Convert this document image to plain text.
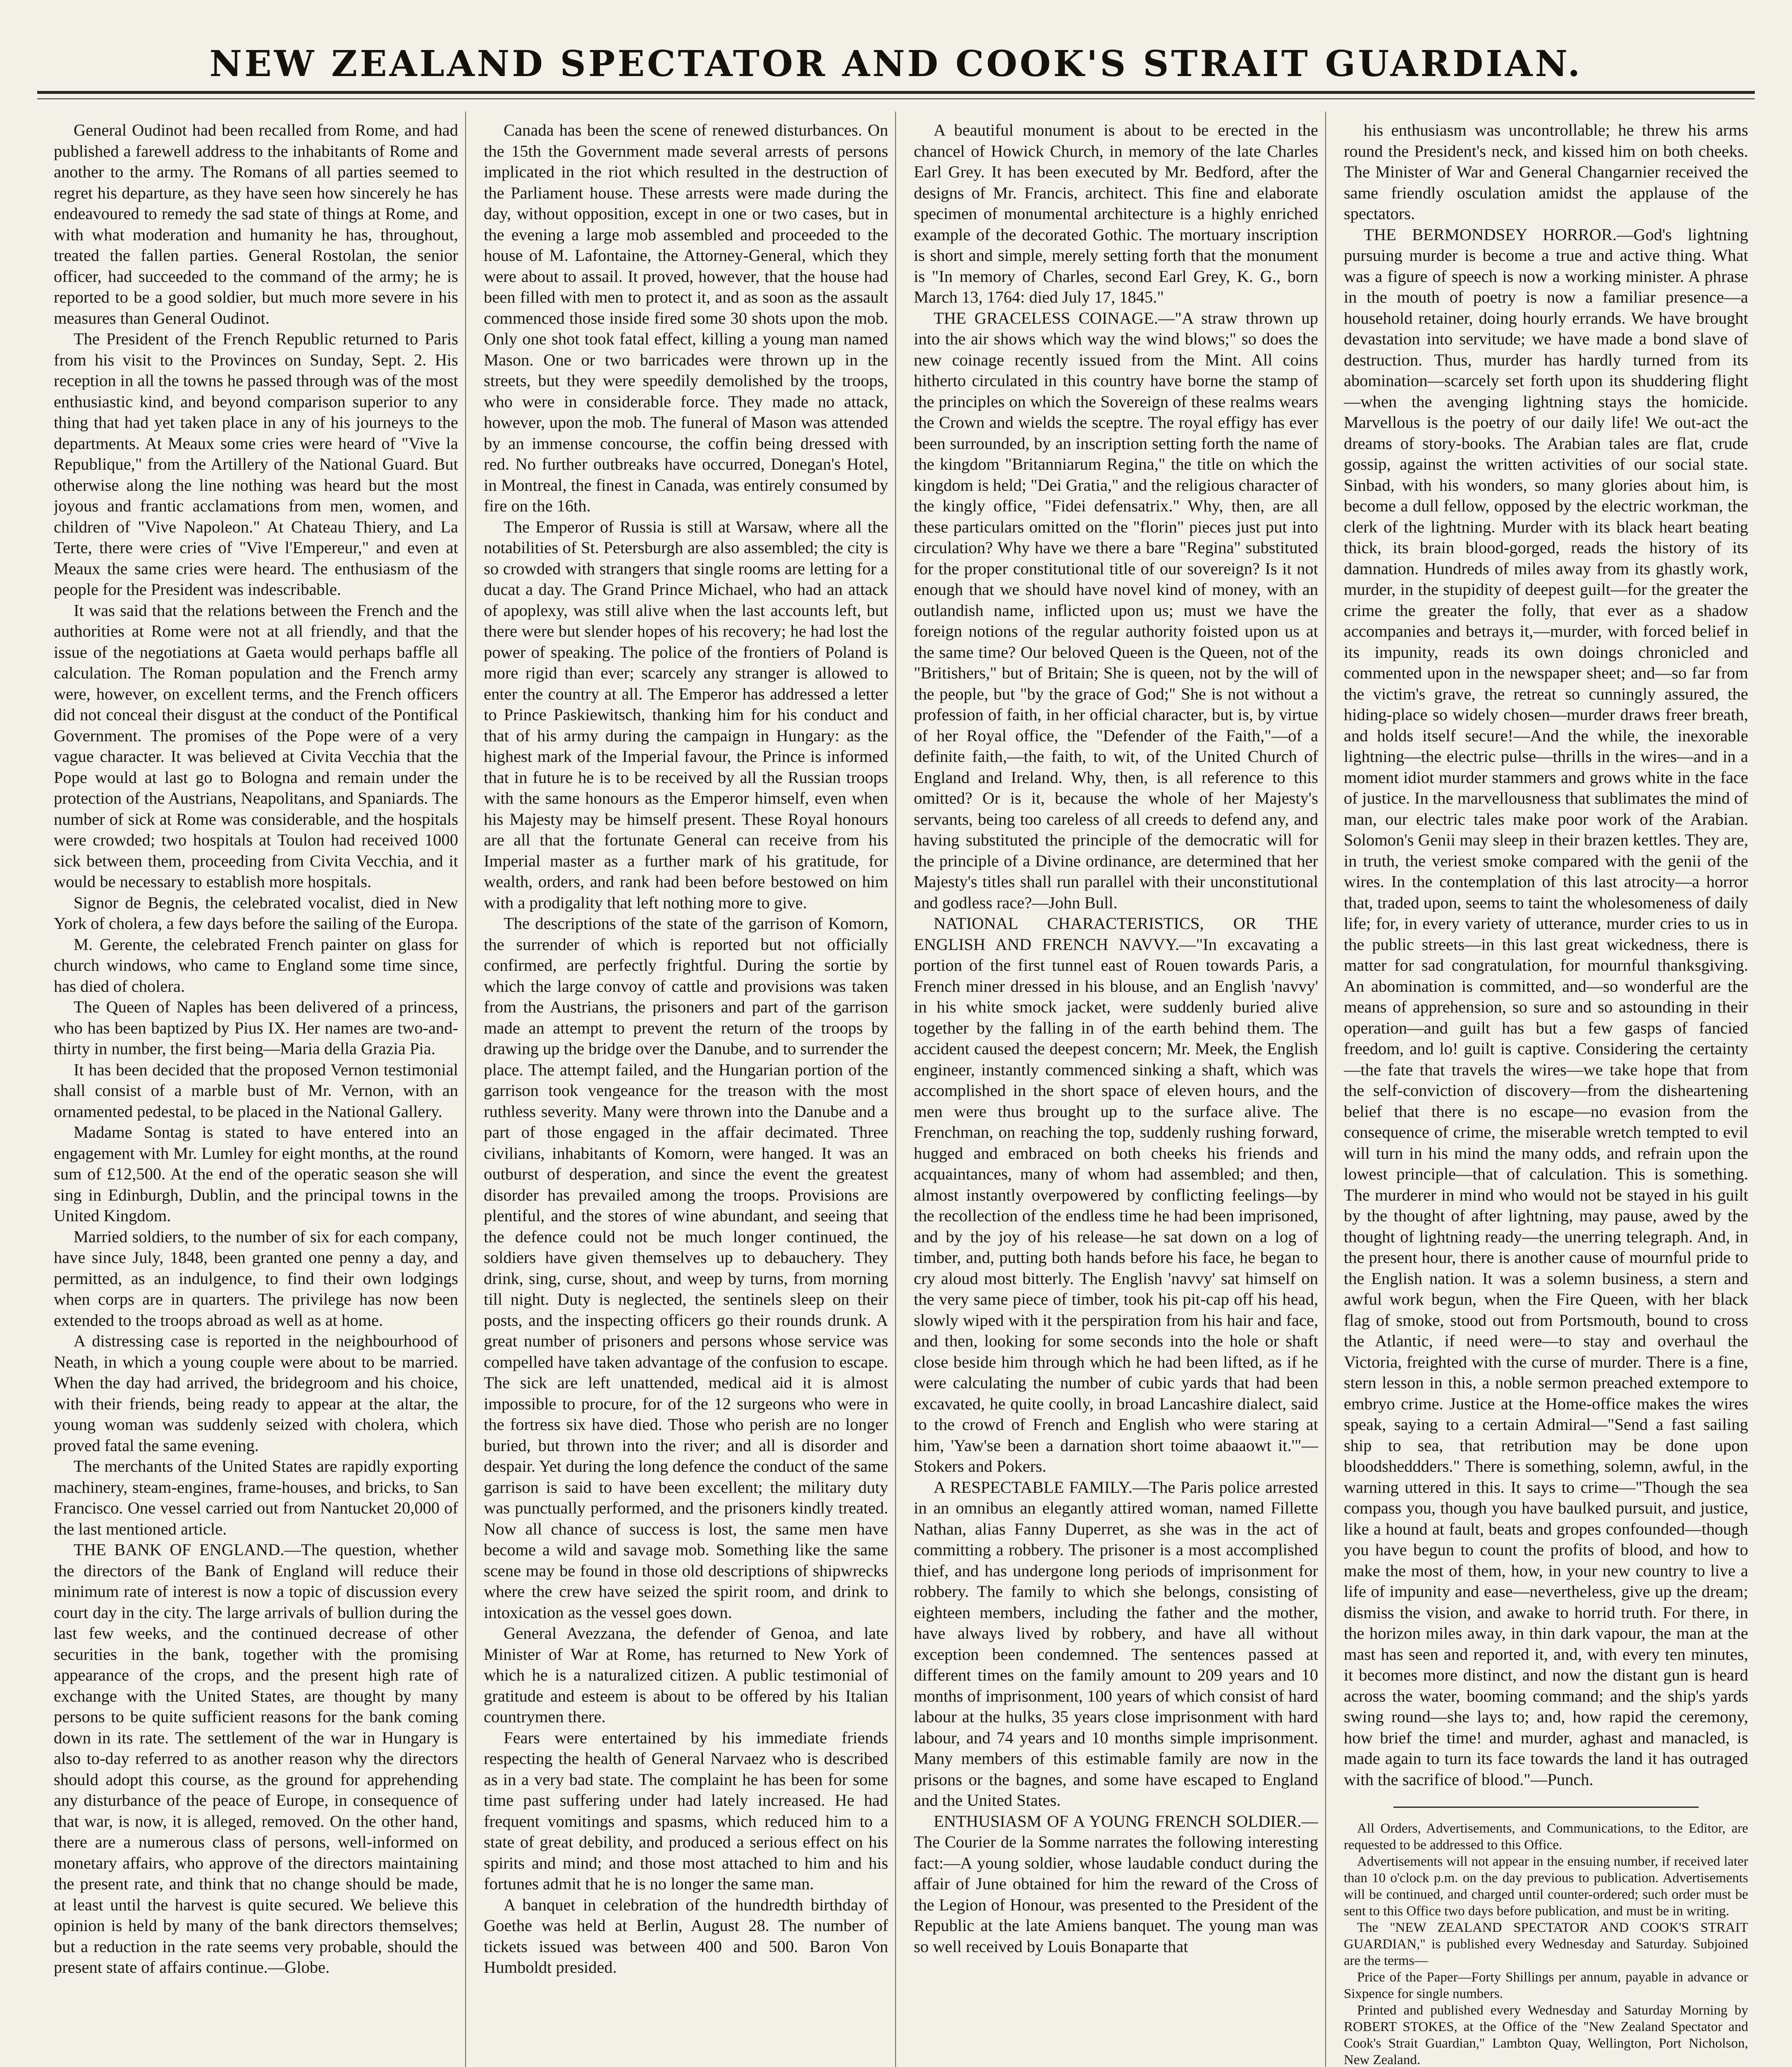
NEW ZEALAND SPECTATOR AND COOK'S STRAIT GUARDIAN.

General Oudinot had been recalled from Rome, and had published a farewell address to the inhabitants of Rome and another to the army. The Romans of all parties seemed to regret his departure, as they have seen how sincerely he has endeavoured to remedy the sad state of things at Rome, and with what moderation and humanity he has, throughout, treated the fallen parties. General Rostolan, the senior officer, had succeeded to the command of the army; he is reported to be a good soldier, but much more severe in his measures than General Oudinot.

The President of the French Republic returned to Paris from his visit to the Provinces on Sunday, Sept. 2. His reception in all the towns he passed through was of the most enthusiastic kind, and beyond comparison superior to any thing that had yet taken place in any of his journeys to the departments. At Meaux some cries were heard of "Vive la Republique," from the Artillery of the National Guard. But otherwise along the line nothing was heard but the most joyous and frantic acclamations from men, women, and children of "Vive Napoleon." At Chateau Thiery, and La Terte, there were cries of "Vive l'Empereur," and even at Meaux the same cries were heard. The enthusiasm of the people for the President was indescribable.

It was said that the relations between the French and the authorities at Rome were not at all friendly, and that the issue of the negotiations at Gaeta would perhaps baffle all calculation. The Roman population and the French army were, however, on excellent terms, and the French officers did not conceal their disgust at the conduct of the Pontifical Government. The promises of the Pope were of a very vague character. It was believed at Civita Vecchia that the Pope would at last go to Bologna and remain under the protection of the Austrians, Neapolitans, and Spaniards. The number of sick at Rome was considerable, and the hospitals were crowded; two hospitals at Toulon had received 1000 sick between them, proceeding from Civita Vecchia, and it would be necessary to establish more hospitals.

Signor de Begnis, the celebrated vocalist, died in New York of cholera, a few days before the sailing of the Europa.

M. Gerente, the celebrated French painter on glass for church windows, who came to England some time since, has died of cholera.

The Queen of Naples has been delivered of a princess, who has been baptized by Pius IX. Her names are two-and-thirty in number, the first being—Maria della Grazia Pia.

It has been decided that the proposed Vernon testimonial shall consist of a marble bust of Mr. Vernon, with an ornamented pedestal, to be placed in the National Gallery.

Madame Sontag is stated to have entered into an engagement with Mr. Lumley for eight months, at the round sum of £12,500. At the end of the operatic season she will sing in Edinburgh, Dublin, and the principal towns in the United Kingdom.

Married soldiers, to the number of six for each company, have since July, 1848, been granted one penny a day, and permitted, as an indulgence, to find their own lodgings when corps are in quarters. The privilege has now been extended to the troops abroad as well as at home.

A distressing case is reported in the neighbourhood of Neath, in which a young couple were about to be married. When the day had arrived, the bridegroom and his choice, with their friends, being ready to appear at the altar, the young woman was suddenly seized with cholera, which proved fatal the same evening.

The merchants of the United States are rapidly exporting machinery, steam-engines, frame-houses, and bricks, to San Francisco. One vessel carried out from Nantucket 20,000 of the last mentioned article.

THE BANK OF ENGLAND.—The question, whether the directors of the Bank of England will reduce their minimum rate of interest is now a topic of discussion every court day in the city. The large arrivals of bullion during the last few weeks, and the continued decrease of other securities in the bank, together with the promising appearance of the crops, and the present high rate of exchange with the United States, are thought by many persons to be quite sufficient reasons for the bank coming down in its rate. The settlement of the war in Hungary is also to-day referred to as another reason why the directors should adopt this course, as the ground for apprehending any disturbance of the peace of Europe, in consequence of that war, is now, it is alleged, removed. On the other hand, there are a numerous class of persons, well-informed on monetary affairs, who approve of the directors maintaining the present rate, and think that no change should be made, at least until the harvest is quite secured. We believe this opinion is held by many of the bank directors themselves; but a reduction in the rate seems very probable, should the present state of affairs continue.—Globe.

Canada has been the scene of renewed disturbances. On the 15th the Government made several arrests of persons implicated in the riot which resulted in the destruction of the Parliament house. These arrests were made during the day, without opposition, except in one or two cases, but in the evening a large mob assembled and proceeded to the house of M. Lafontaine, the Attorney-General, which they were about to assail. It proved, however, that the house had been filled with men to protect it, and as soon as the assault commenced those inside fired some 30 shots upon the mob. Only one shot took fatal effect, killing a young man named Mason. One or two barricades were thrown up in the streets, but they were speedily demolished by the troops, who were in considerable force. They made no attack, however, upon the mob. The funeral of Mason was attended by an immense concourse, the coffin being dressed with red. No further outbreaks have occurred, Donegan's Hotel, in Montreal, the finest in Canada, was entirely consumed by fire on the 16th.

The Emperor of Russia is still at Warsaw, where all the notabilities of St. Petersburgh are also assembled; the city is so crowded with strangers that single rooms are letting for a ducat a day. The Grand Prince Michael, who had an attack of apoplexy, was still alive when the last accounts left, but there were but slender hopes of his recovery; he had lost the power of speaking. The police of the frontiers of Poland is more rigid than ever; scarcely any stranger is allowed to enter the country at all. The Emperor has addressed a letter to Prince Paskiewitsch, thanking him for his conduct and that of his army during the campaign in Hungary: as the highest mark of the Imperial favour, the Prince is informed that in future he is to be received by all the Russian troops with the same honours as the Emperor himself, even when his Majesty may be himself present. These Royal honours are all that the fortunate General can receive from his Imperial master as a further mark of his gratitude, for wealth, orders, and rank had been before bestowed on him with a prodigality that left nothing more to give.

The descriptions of the state of the garrison of Komorn, the surrender of which is reported but not officially confirmed, are perfectly frightful. During the sortie by which the large convoy of cattle and provisions was taken from the Austrians, the prisoners and part of the garrison made an attempt to prevent the return of the troops by drawing up the bridge over the Danube, and to surrender the place. The attempt failed, and the Hungarian portion of the garrison took vengeance for the treason with the most ruthless severity. Many were thrown into the Danube and a part of those engaged in the affair decimated. Three civilians, inhabitants of Komorn, were hanged. It was an outburst of desperation, and since the event the greatest disorder has prevailed among the troops. Provisions are plentiful, and the stores of wine abundant, and seeing that the defence could not be much longer continued, the soldiers have given themselves up to debauchery. They drink, sing, curse, shout, and weep by turns, from morning till night. Duty is neglected, the sentinels sleep on their posts, and the inspecting officers go their rounds drunk. A great number of prisoners and persons whose service was compelled have taken advantage of the confusion to escape. The sick are left unattended, medical aid it is almost impossible to procure, for of the 12 surgeons who were in the fortress six have died. Those who perish are no longer buried, but thrown into the river; and all is disorder and despair. Yet during the long defence the conduct of the same garrison is said to have been excellent; the military duty was punctually performed, and the prisoners kindly treated. Now all chance of success is lost, the same men have become a wild and savage mob. Something like the same scene may be found in those old descriptions of shipwrecks where the crew have seized the spirit room, and drink to intoxication as the vessel goes down.

General Avezzana, the defender of Genoa, and late Minister of War at Rome, has returned to New York of which he is a naturalized citizen. A public testimonial of gratitude and esteem is about to be offered by his Italian countrymen there.

Fears were entertained by his immediate friends respecting the health of General Narvaez who is described as in a very bad state. The complaint he has been for some time past suffering under had lately increased. He had frequent vomitings and spasms, which reduced him to a state of great debility, and produced a serious effect on his spirits and mind; and those most attached to him and his fortunes admit that he is no longer the same man.

A banquet in celebration of the hundredth birthday of Goethe was held at Berlin, August 28. The number of tickets issued was between 400 and 500. Baron Von Humboldt presided.

A beautiful monument is about to be erected in the chancel of Howick Church, in memory of the late Charles Earl Grey. It has been executed by Mr. Bedford, after the designs of Mr. Francis, architect. This fine and elaborate specimen of monumental architecture is a highly enriched example of the decorated Gothic. The mortuary inscription is short and simple, merely setting forth that the monument is "In memory of Charles, second Earl Grey, K. G., born March 13, 1764: died July 17, 1845."

THE GRACELESS COINAGE.—"A straw thrown up into the air shows which way the wind blows;" so does the new coinage recently issued from the Mint. All coins hitherto circulated in this country have borne the stamp of the principles on which the Sovereign of these realms wears the Crown and wields the sceptre. The royal effigy has ever been surrounded, by an inscription setting forth the name of the kingdom "Britanniarum Regina," the title on which the kingdom is held; "Dei Gratia," and the religious character of the kingly office, "Fidei defensatrix." Why, then, are all these particulars omitted on the "florin" pieces just put into circulation? Why have we there a bare "Regina" substituted for the proper constitutional title of our sovereign? Is it not enough that we should have novel kind of money, with an outlandish name, inflicted upon us; must we have the foreign notions of the regular authority foisted upon us at the same time? Our beloved Queen is the Queen, not of the "Britishers," but of Britain; She is queen, not by the will of the people, but "by the grace of God;" She is not without a profession of faith, in her official character, but is, by virtue of her Royal office, the "Defender of the Faith,"—of a definite faith,—the faith, to wit, of the United Church of England and Ireland. Why, then, is all reference to this omitted? Or is it, because the whole of her Majesty's servants, being too careless of all creeds to defend any, and having substituted the principle of the democratic will for the principle of a Divine ordinance, are determined that her Majesty's titles shall run parallel with their unconstitutional and godless race?—John Bull.

NATIONAL CHARACTERISTICS, OR THE ENGLISH AND FRENCH NAVVY.—"In excavating a portion of the first tunnel east of Rouen towards Paris, a French miner dressed in his blouse, and an English 'navvy' in his white smock jacket, were suddenly buried alive together by the falling in of the earth behind them. The accident caused the deepest concern; Mr. Meek, the English engineer, instantly commenced sinking a shaft, which was accomplished in the short space of eleven hours, and the men were thus brought up to the surface alive. The Frenchman, on reaching the top, suddenly rushing forward, hugged and embraced on both cheeks his friends and acquaintances, many of whom had assembled; and then, almost instantly overpowered by conflicting feelings—by the recollection of the endless time he had been imprisoned, and by the joy of his release—he sat down on a log of timber, and, putting both hands before his face, he began to cry aloud most bitterly. The English 'navvy' sat himself on the very same piece of timber, took his pit-cap off his head, slowly wiped with it the perspiration from his hair and face, and then, looking for some seconds into the hole or shaft close beside him through which he had been lifted, as if he were calculating the number of cubic yards that had been excavated, he quite coolly, in broad Lancashire dialect, said to the crowd of French and English who were staring at him, 'Yaw'se been a darnation short toime abaaowt it.'"—Stokers and Pokers.

A RESPECTABLE FAMILY.—The Paris police arrested in an omnibus an elegantly attired woman, named Fillette Nathan, alias Fanny Duperret, as she was in the act of committing a robbery. The prisoner is a most accomplished thief, and has undergone long periods of imprisonment for robbery. The family to which she belongs, consisting of eighteen members, including the father and the mother, have always lived by robbery, and have all without exception been condemned. The sentences passed at different times on the family amount to 209 years and 10 months of imprisonment, 100 years of which consist of hard labour at the hulks, 35 years close imprisonment with hard labour, and 74 years and 10 months simple imprisonment. Many members of this estimable family are now in the prisons or the bagnes, and some have escaped to England and the United States.

ENTHUSIASM OF A YOUNG FRENCH SOLDIER.—The Courier de la Somme narrates the following interesting fact:—A young soldier, whose laudable conduct during the affair of June obtained for him the reward of the Cross of the Legion of Honour, was presented to the President of the Republic at the late Amiens banquet. The young man was so well received by Louis Bonaparte that

his enthusiasm was uncontrollable; he threw his arms round the President's neck, and kissed him on both cheeks. The Minister of War and General Changarnier received the same friendly osculation amidst the applause of the spectators.

THE BERMONDSEY HORROR.—God's lightning pursuing murder is become a true and active thing. What was a figure of speech is now a working minister. A phrase in the mouth of poetry is now a familiar presence—a household retainer, doing hourly errands. We have brought devastation into servitude; we have made a bond slave of destruction. Thus, murder has hardly turned from its abomination—scarcely set forth upon its shuddering flight—when the avenging lightning stays the homicide. Marvellous is the poetry of our daily life! We out-act the dreams of story-books. The Arabian tales are flat, crude gossip, against the written activities of our social state. Sinbad, with his wonders, so many glories about him, is become a dull fellow, opposed by the electric workman, the clerk of the lightning. Murder with its black heart beating thick, its brain blood-gorged, reads the history of its damnation. Hundreds of miles away from its ghastly work, murder, in the stupidity of deepest guilt—for the greater the crime the greater the folly, that ever as a shadow accompanies and betrays it,—murder, with forced belief in its impunity, reads its own doings chronicled and commented upon in the newspaper sheet; and—so far from the victim's grave, the retreat so cunningly assured, the hiding-place so widely chosen—murder draws freer breath, and holds itself secure!—And the while, the inexorable lightning—the electric pulse—thrills in the wires—and in a moment idiot murder stammers and grows white in the face of justice. In the marvellousness that sublimates the mind of man, our electric tales make poor work of the Arabian. Solomon's Genii may sleep in their brazen kettles. They are, in truth, the veriest smoke compared with the genii of the wires. In the contemplation of this last atrocity—a horror that, traded upon, seems to taint the wholesomeness of daily life; for, in every variety of utterance, murder cries to us in the public streets—in this last great wickedness, there is matter for sad congratulation, for mournful thanksgiving. An abomination is committed, and—so wonderful are the means of apprehension, so sure and so astounding in their operation—and guilt has but a few gasps of fancied freedom, and lo! guilt is captive. Considering the certainty—the fate that travels the wires—we take hope that from the self-conviction of discovery—from the disheartening belief that there is no escape—no evasion from the consequence of crime, the miserable wretch tempted to evil will turn in his mind the many odds, and refrain upon the lowest principle—that of calculation. This is something. The murderer in mind who would not be stayed in his guilt by the thought of after lightning, may pause, awed by the thought of lightning ready—the unerring telegraph. And, in the present hour, there is another cause of mournful pride to the English nation. It was a solemn business, a stern and awful work begun, when the Fire Queen, with her black flag of smoke, stood out from Portsmouth, bound to cross the Atlantic, if need were—to stay and overhaul the Victoria, freighted with the curse of murder. There is a fine, stern lesson in this, a noble sermon preached extempore to embryo crime. Justice at the Home-office makes the wires speak, saying to a certain Admiral—"Send a fast sailing ship to sea, that retribution may be done upon bloodsheddders." There is something, solemn, awful, in the warning uttered in this. It says to crime—"Though the sea compass you, though you have baulked pursuit, and justice, like a hound at fault, beats and gropes confounded—though you have begun to count the profits of blood, and how to make the most of them, how, in your new country to live a life of impunity and ease—nevertheless, give up the dream; dismiss the vision, and awake to horrid truth. For there, in the horizon miles away, in thin dark vapour, the man at the mast has seen and reported it, and, with every ten minutes, it becomes more distinct, and now the distant gun is heard across the water, booming command; and the ship's yards swing round—she lays to; and, how rapid the ceremony, how brief the time! and murder, aghast and manacled, is made again to turn its face towards the land it has outraged with the sacrifice of blood."—Punch.

All Orders, Advertisements, and Communications, to the Editor, are requested to be addressed to this Office.

Advertisements will not appear in the ensuing number, if received later than 10 o'clock p.m. on the day previous to publication. Advertisements will be continued, and charged until counter-ordered; such order must be sent to this Office two days before publication, and must be in writing.

The "NEW ZEALAND SPECTATOR AND COOK'S STRAIT GUARDIAN," is published every Wednesday and Saturday. Subjoined are the terms—

Price of the Paper—Forty Shillings per annum, payable in advance or Sixpence for single numbers.

Printed and published every Wednesday and Saturday Morning by ROBERT STOKES, at the Office of the "New Zealand Spectator and Cook's Strait Guardian," Lambton Quay, Wellington, Port Nicholson, New Zealand.
